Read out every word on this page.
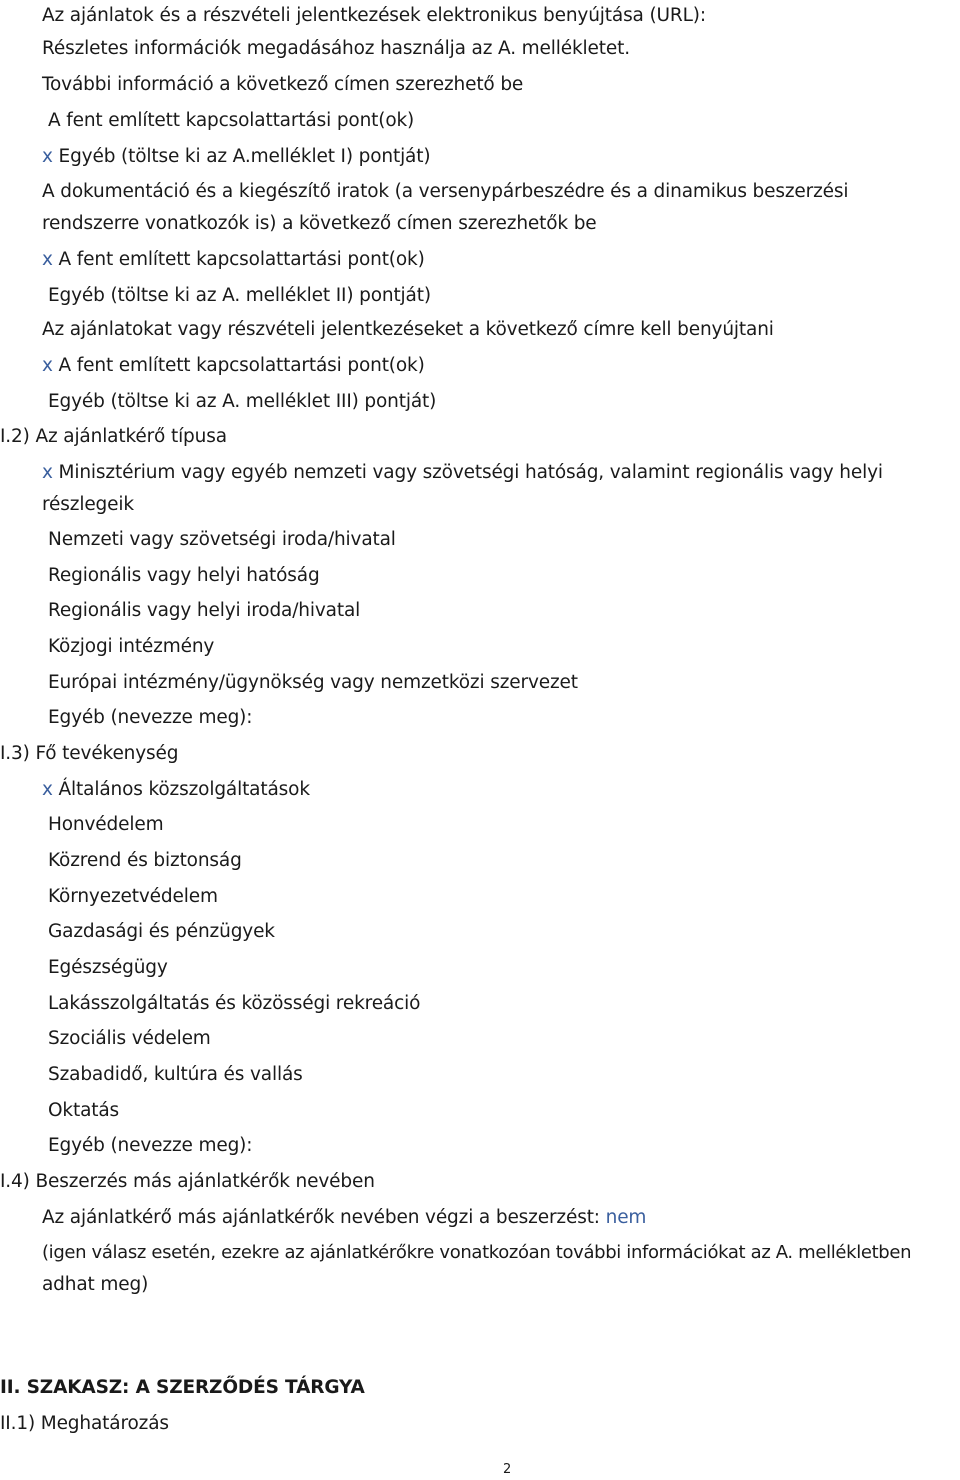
Az ajánlatok és a részvételi jelentkezések elektronikus benyújtása (URL):
Részletes információk megadásához használja az A. mellékletet.
További információ a következő címen szerezhető be
A fent említett kapcsolattartási pont(ok)
x Egyéb (töltse ki az A.melléklet I) pontját)
A dokumentáció és a kiegészítő iratok (a versenypárbeszédre és a dinamikus beszerzési
rendszerre vonatkozók is) a következő címen szerezhetők be
x A fent említett kapcsolattartási pont(ok)
Egyéb (töltse ki az A. melléklet II) pontját)
Az ajánlatokat vagy részvételi jelentkezéseket a következő címre kell benyújtani
x A fent említett kapcsolattartási pont(ok)
Egyéb (töltse ki az A. melléklet III) pontját)
I.2) Az ajánlatkérő típusa
x Minisztérium vagy egyéb nemzeti vagy szövetségi hatóság, valamint regionális vagy helyi
részlegeik
Nemzeti vagy szövetségi iroda/hivatal
Regionális vagy helyi hatóság
Regionális vagy helyi iroda/hivatal
Közjogi intézmény
Európai intézmény/ügynökség vagy nemzetközi szervezet
Egyéb (nevezze meg):
I.3) Fő tevékenység
x Általános közszolgáltatások
Honvédelem
Közrend és biztonság
Környezetvédelem
Gazdasági és pénzügyek
Egészségügy
Lakásszolgáltatás és közösségi rekreáció
Szociális védelem
Szabadidő, kultúra és vallás
Oktatás
Egyéb (nevezze meg):
I.4) Beszerzés más ajánlatkérők nevében
Az ajánlatkérő más ajánlatkérők nevében végzi a beszerzést: nem
(igen válasz esetén, ezekre az ajánlatkérőkre vonatkozóan további információkat az A. mellékletben
adhat meg)
II. SZAKASZ: A SZERZŐDÉS TÁRGYA
II.1) Meghatározás
2
